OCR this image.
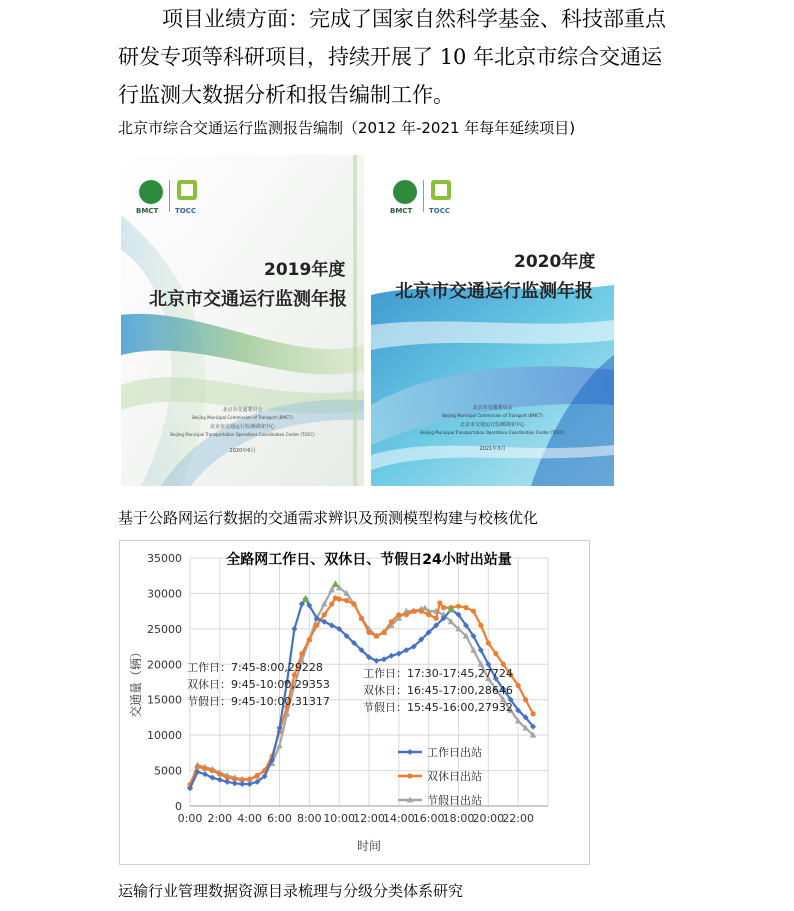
项目业绩方面：完成了国家自然科学基金、科技部重点
研发专项等科研项目，持续开展了 10 年北京市综合交通运
行监测大数据分析和报告编制工作。
北京市综合交通运行监测报告编制（2012 年-2021 年每年延续项目)
BMCT TOCC
2019年度
北京市交通运行监测年报
北京市交通委员会
Beijing Municipal Commission of Transport (BMCT)
北京市交通运行监测调度中心
Beijing Municipal Transportation Operations Coordination Center (TOCC)
2020年6月
BMCT TOCC
2020年度
北京市交通运行监测年报
北京市交通委员会
Beijing Municipal Commission of Transport (BMCT)
北京市交通运行监测调度中心
Beijing Municipal Transportation Operations Coordination Center (TOCC)
2021年3月
基于公路网运行数据的交通需求辨识及预测模型构建与校核优化
0:00 2:00 4:00 6:00 8:00 10:00
12:00
14:00
16:00
18:00
20:00
22:00
0
5000
10000
15000
20000
25000
30000
35000	全路网工作日、双休日、节假日24小时出站量
时间
交通量（辆）	工作日：7:45-8:00,29228
双休日：9:45-10:00,29353
节假日：9:45-10:00,31317
工作日：17:30-17:45,27724
双休日：16:45-17:00,28646
节假日：15:45-16:00,27932
工作日出站
双休日出站
节假日出站
运输行业管理数据资源目录梳理与分级分类体系研究
